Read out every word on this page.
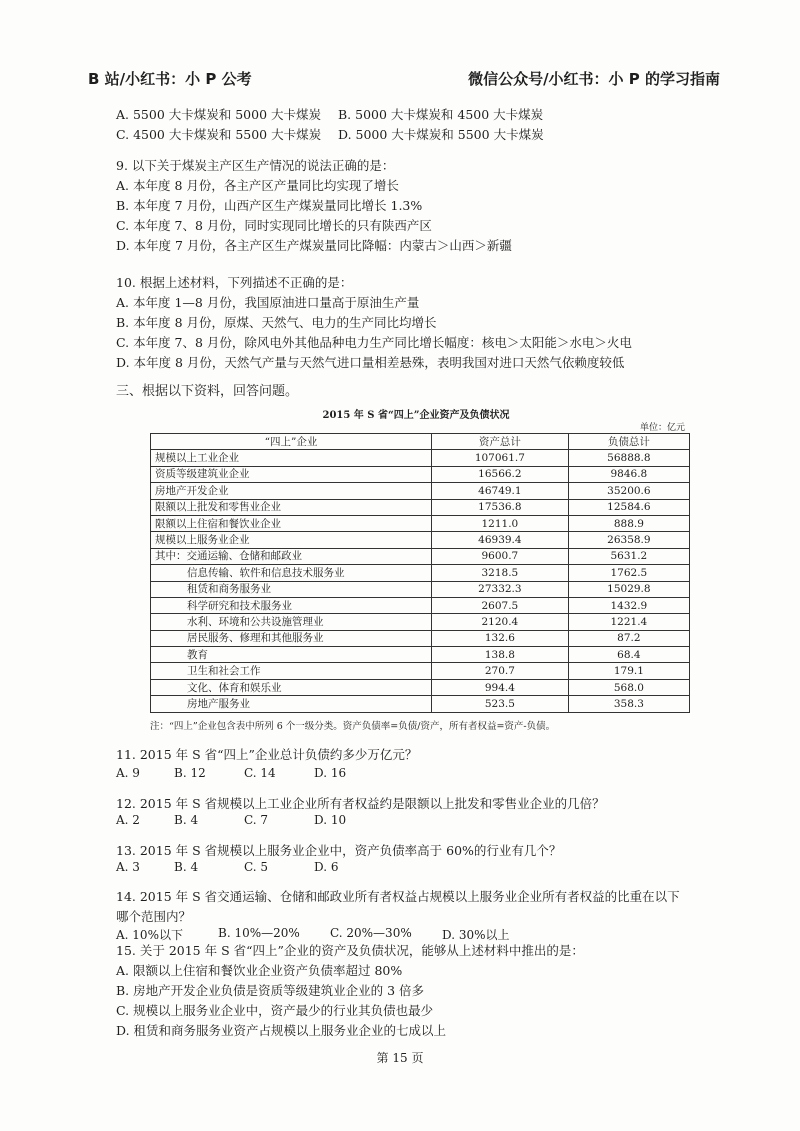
B 站/小红书：小 P 公考	微信公众号/小红书：小 P 的学习指南
A. 5500 大卡煤炭和 5000 大卡煤炭 B. 5000 大卡煤炭和 4500 大卡煤炭
C. 4500 大卡煤炭和 5500 大卡煤炭 D. 5000 大卡煤炭和 5500 大卡煤炭
9. 以下关于煤炭主产区生产情况的说法正确的是：
A. 本年度 8 月份，各主产区产量同比均实现了增长
B. 本年度 7 月份，山西产区生产煤炭量同比增长 1.3%
C. 本年度 7、8 月份，同时实现同比增长的只有陕西产区
D. 本年度 7 月份，各主产区生产煤炭量同比降幅：内蒙古＞山西＞新疆
10. 根据上述材料，下列描述不正确的是：
A. 本年度 1—8 月份，我国原油进口量高于原油生产量
B. 本年度 8 月份，原煤、天然气、电力的生产同比均增长
C. 本年度 7、8 月份，除风电外其他品种电力生产同比增长幅度：核电＞太阳能＞水电＞火电
D. 本年度 8 月份，天然气产量与天然气进口量相差悬殊，表明我国对进口天然气依赖度较低
三、根据以下资料，回答问题。
2015 年 S 省“四上”企业资产及负债状况
单位：亿元
“四上”企业	资产总计	负债总计
规模以上工业企业	107061.7	56888.8
资质等级建筑业企业	16566.2	9846.8
房地产开发企业	46749.1	35200.6
限额以上批发和零售业企业	17536.8	12584.6
限额以上住宿和餐饮业企业	1211.0	888.9
规模以上服务业企业	46939.4	26358.9
其中：交通运输、仓储和邮政业	9600.7	5631.2
信息传输、软件和信息技术服务业	3218.5	1762.5
租赁和商务服务业	27332.3	15029.8
科学研究和技术服务业	2607.5	1432.9
水利、环境和公共设施管理业	2120.4	1221.4
居民服务、修理和其他服务业	132.6	87.2
教育	138.8	68.4
卫生和社会工作	270.7	179.1
文化、体育和娱乐业	994.4	568.0
房地产服务业	523.5	358.3
注：“四上”企业包含表中所列 6 个一级分类。资产负债率=负债/资产，所有者权益=资产-负债。
11. 2015 年 S 省“四上”企业总计负债约多少万亿元？
A. 9	B. 12	C. 14	D. 16
12. 2015 年 S 省规模以上工业企业所有者权益约是限额以上批发和零售业企业的几倍？
A. 2	B. 4	C. 7	D. 10
13. 2015 年 S 省规模以上服务业企业中，资产负债率高于 60%的行业有几个？
A. 3	B. 4	C. 5	D. 6
14. 2015 年 S 省交通运输、仓储和邮政业所有者权益占规模以上服务业企业所有者权益的比重在以下
哪个范围内？
A. 10%以下	B. 10%—20%	C. 20%—30%	D. 30%以上
15. 关于 2015 年 S 省“四上”企业的资产及负债状况，能够从上述材料中推出的是：
A. 限额以上住宿和餐饮业企业资产负债率超过 80%
B. 房地产开发企业负债是资质等级建筑业企业的 3 倍多
C. 规模以上服务业企业中，资产最少的行业其负债也最少
D. 租赁和商务服务业资产占规模以上服务业企业的七成以上
第 15 页
